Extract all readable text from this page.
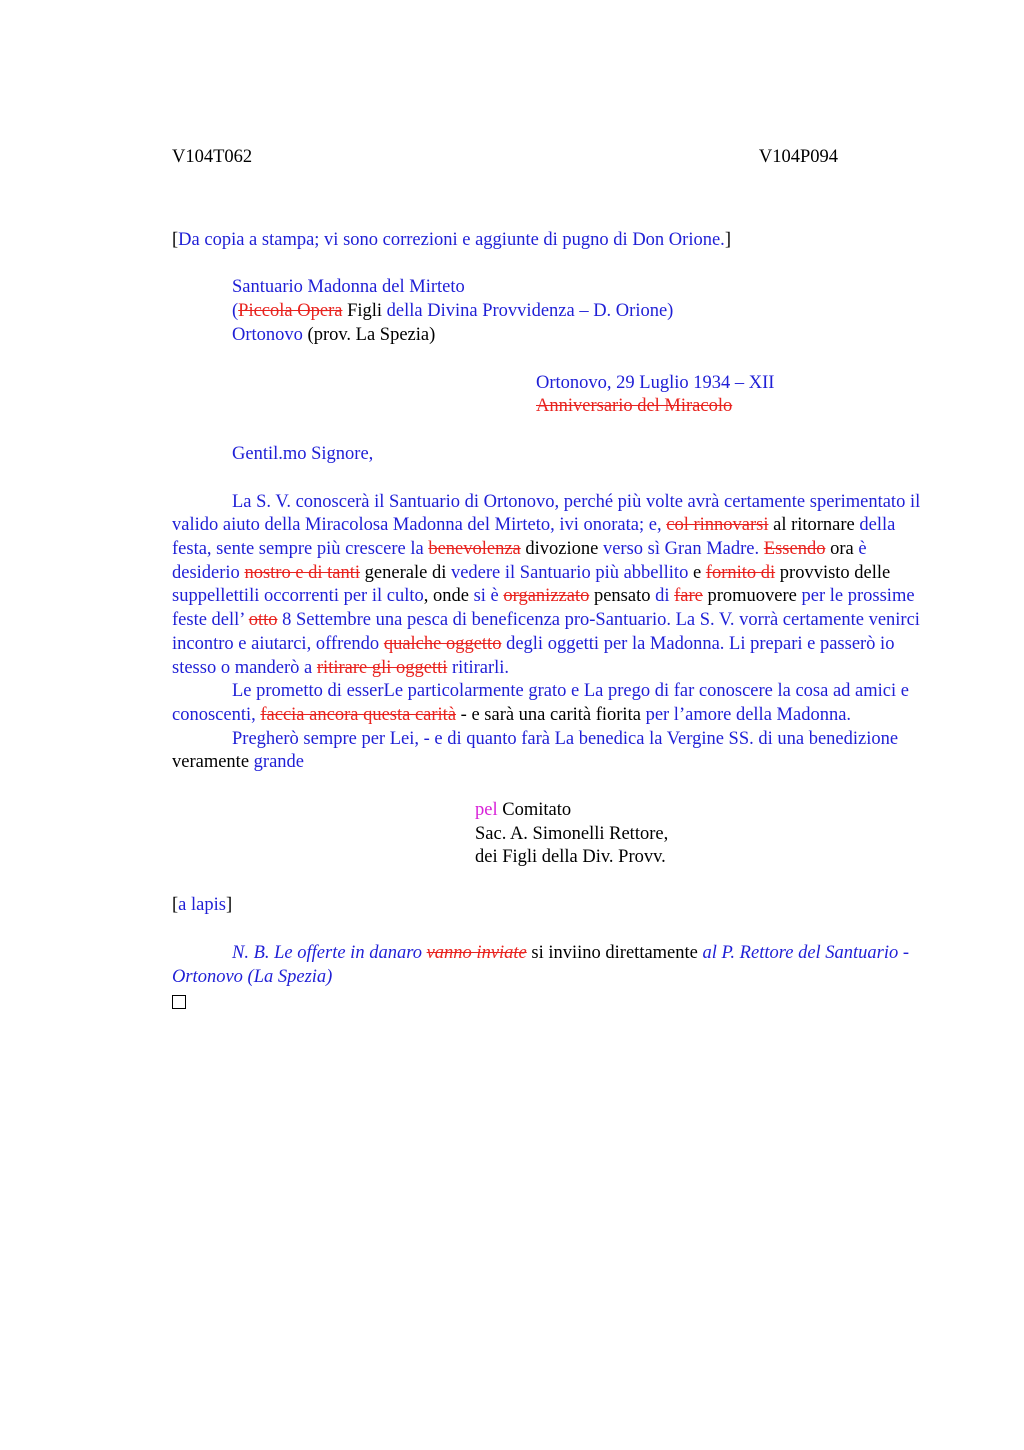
V104T062	V104P094

[Da copia a stampa; vi sono correzioni e aggiunte di pugno di Don Orione.]

Santuario Madonna del Mirteto

(Piccola Opera Figli della Divina Provvidenza – D. Orione)

Ortonovo (prov. La Spezia)

Ortonovo, 29 Luglio 1934 – XII

Anniversario del Miracolo

Gentil.mo Signore,

La S. V. conoscerà il Santuario di Ortonovo, perché più volte avrà certamente sperimentato il valido aiuto della Miracolosa Madonna del Mirteto, ivi onorata; e, col rinnovarsi al ritornare della festa, sente sempre più crescere la benevolenza divozione verso sì Gran Madre. Essendo ora è desiderio nostro e di tanti generale di vedere il Santuario più abbellito e fornito di provvisto delle suppellettili occorrenti per il culto, onde si è organizzato pensato di fare promuovere per le prossime feste dell’ otto 8 Settembre una pesca di beneficenza pro-Santuario. La S. V. vorrà certamente venirci incontro e aiutarci, offrendo qualche oggetto degli oggetti per la Madonna. Li prepari e passerò io stesso o manderò a ritirare gli oggetti ritirarli.

Le prometto di esserLe particolarmente grato e La prego di far conoscere la cosa ad amici e conoscenti, faccia ancora questa carità - e sarà una carità fiorita per l’amore della Madonna.

Pregherò sempre per Lei, - e di quanto farà La benedica la Vergine SS. di una benedizione veramente grande

pel Comitato

Sac. A. Simonelli Rettore,

dei Figli della Div. Provv.

[a lapis]

N. B. Le offerte in danaro vanno inviate si inviino direttamente al P. Rettore del Santuario - Ortonovo (La Spezia)
